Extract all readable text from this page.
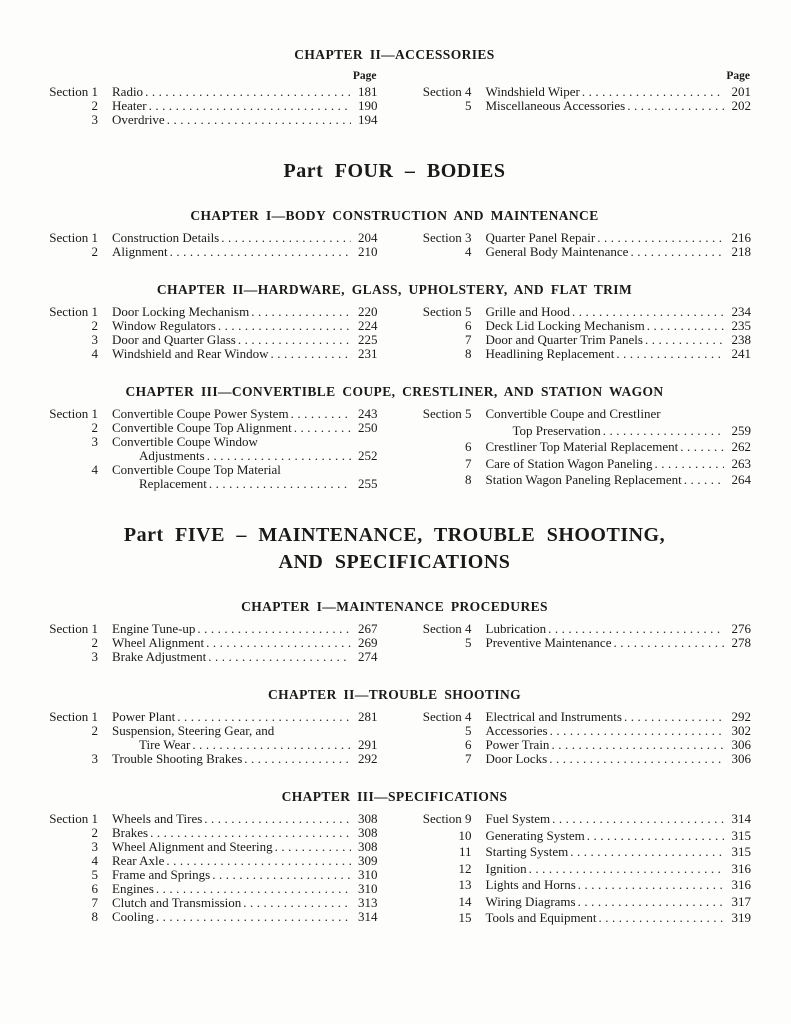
CHAPTER II—ACCESSORIES
Page
Section 1 Radio .....	181
2 Heater .....	190
3 Overdrive .....	194
Page
Section 4 Windshield Wiper .....	201
5 Miscellaneous Accessories .....	202
Part FOUR – BODIES
CHAPTER I—BODY CONSTRUCTION AND MAINTENANCE
Section 1 Construction Details .....	204
2 Alignment .....	210
Section 3 Quarter Panel Repair .....	216
4 General Body Maintenance .....	218
CHAPTER II—HARDWARE, GLASS, UPHOLSTERY, AND FLAT TRIM
Section 1 Door Locking Mechanism .....	220
2 Window Regulators .....	224
3 Door and Quarter Glass .....	225
4 Windshield and Rear Window .....	231
Section 5 Grille and Hood .....	234
6 Deck Lid Locking Mechanism .....	235
7 Door and Quarter Trim Panels .....	238
8 Headlining Replacement .....	241
CHAPTER III—CONVERTIBLE COUPE, CRESTLINER, AND STATION WAGON
Section 1 Convertible Coupe Power System .....	243
2 Convertible Coupe Top Alignment .....	250
3 Convertible Coupe Window
Adjustments .....	252
4 Convertible Coupe Top Material
Replacement .....	255
Section 5 Convertible Coupe and Crestliner
Top Preservation .....	259
6 Crestliner Top Material Replacement .....	262
7 Care of Station Wagon Paneling .....	263
8 Station Wagon Paneling Replacement .....	264
Part FIVE – MAINTENANCE, TROUBLE SHOOTING,
AND SPECIFICATIONS
CHAPTER I—MAINTENANCE PROCEDURES
Section 1 Engine Tune-up .....	267
2 Wheel Alignment .....	269
3 Brake Adjustment .....	274
Section 4 Lubrication .....	276
5 Preventive Maintenance .....	278
CHAPTER II—TROUBLE SHOOTING
Section 1 Power Plant .....	281
2 Suspension, Steering Gear, and
Tire Wear .....	291
3 Trouble Shooting Brakes .....	292
Section 4 Electrical and Instruments .....	292
5 Accessories .....	302
6 Power Train .....	306
7 Door Locks .....	306
CHAPTER III—SPECIFICATIONS
Section 1 Wheels and Tires .....	308
2 Brakes .....	308
3 Wheel Alignment and Steering .....	308
4 Rear Axle .....	309
5 Frame and Springs .....	310
6 Engines .....	310
7 Clutch and Transmission .....	313
8 Cooling .....	314
Section 9 Fuel System .....	314
10 Generating System .....	315
11 Starting System .....	315
12 Ignition .....	316
13 Lights and Horns .....	316
14 Wiring Diagrams .....	317
15 Tools and Equipment .....	319
